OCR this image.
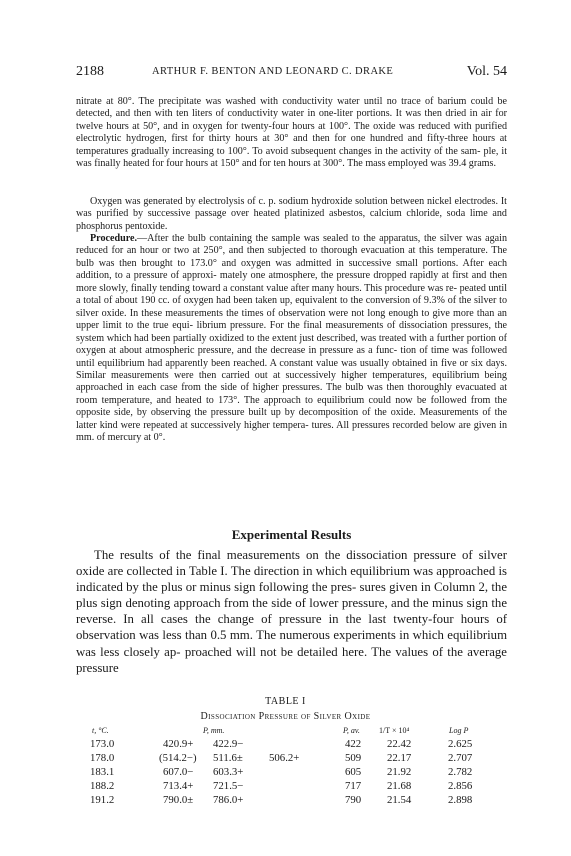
2188	ARTHUR F. BENTON AND LEONARD C. DRAKE	Vol. 54

nitrate at 80°. The precipitate was washed with conductivity water until no trace of barium could be detected, and then with ten liters of conductivity water in one-liter portions. It was then dried in air for twelve hours at 50°, and in oxygen for twenty-four hours at 100°. The oxide was reduced with purified electrolytic hydrogen, first for thirty hours at 30° and then for one hundred and fifty-three hours at temperatures gradually increasing to 100°. To avoid subsequent changes in the activity of the sam- ple, it was finally heated for four hours at 150° and for ten hours at 300°. The mass employed was 39.4 grams.

Oxygen was generated by electrolysis of c. p. sodium hydroxide solution between nickel electrodes. It was purified by successive passage over heated platinized asbestos, calcium chloride, soda lime and phosphorus pentoxide.

Procedure.—After the bulb containing the sample was sealed to the apparatus, the silver was again reduced for an hour or two at 250°, and then subjected to thorough evacuation at this temperature. The bulb was then brought to 173.0° and oxygen was admitted in successive small portions. After each addition, to a pressure of approxi- mately one atmosphere, the pressure dropped rapidly at first and then more slowly, finally tending toward a constant value after many hours. This procedure was re- peated until a total of about 190 cc. of oxygen had been taken up, equivalent to the conversion of 9.3% of the silver to silver oxide. In these measurements the times of observation were not long enough to give more than an upper limit to the true equi- librium pressure. For the final measurements of dissociation pressures, the system which had been partially oxidized to the extent just described, was treated with a further portion of oxygen at about atmospheric pressure, and the decrease in pressure as a func- tion of time was followed until equilibrium had apparently been reached. A constant value was usually obtained in five or six days. Similar measurements were then carried out at successively higher temperatures, equilibrium being approached in each case from the side of higher pressures. The bulb was then thoroughly evacuated at room temperature, and heated to 173°. The approach to equilibrium could now be followed from the opposite side, by observing the pressure built up by decomposition of the oxide. Measurements of the latter kind were repeated at successively higher tempera- tures. All pressures recorded below are given in mm. of mercury at 0°.

Experimental Results

The results of the final measurements on the dissociation pressure of silver oxide are collected in Table I. The direction in which equilibrium was approached is indicated by the plus or minus sign following the pres- sures given in Column 2, the plus sign denoting approach from the side of lower pressure, and the minus sign the reverse. In all cases the change of pressure in the last twenty-four hours of observation was less than 0.5 mm. The numerous experiments in which equilibrium was less closely ap- proached will not be detailed here. The values of the average pressure

TABLE I
Dissociation Pressure of Silver Oxide
t, °C.	P, mm.	P, av. 1/T × 10⁴	Log P
173.0	420.9+ 422.9−	422 22.42	2.625
178.0	(514.2−) 511.6± 506.2+	509 22.17	2.707
183.1	607.0− 603.3+	605 21.92	2.782
188.2	713.4+ 721.5−	717 21.68	2.856
191.2	790.0± 786.0+	790 21.54	2.898
